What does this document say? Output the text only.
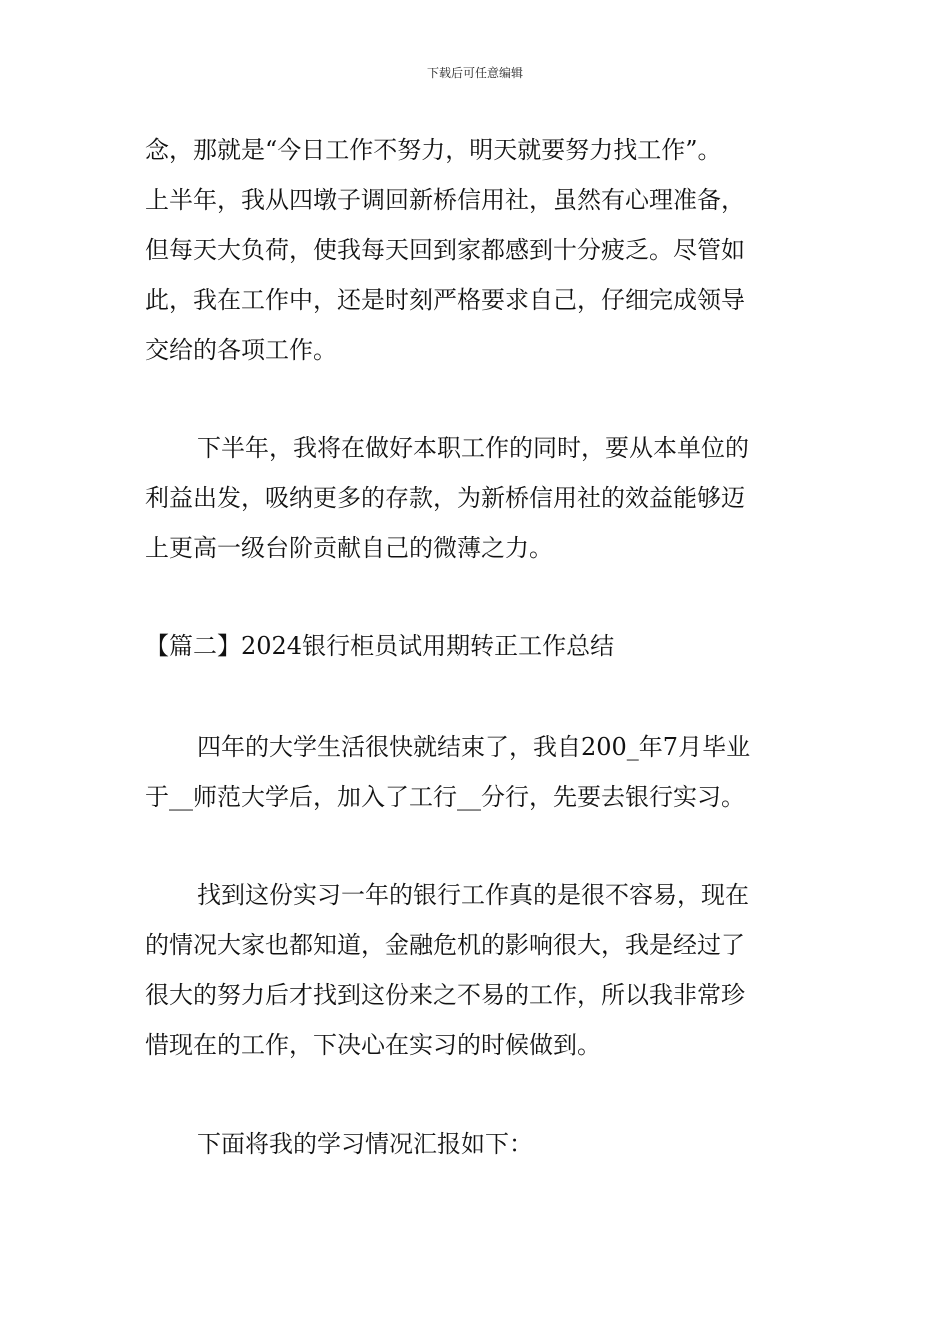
下载后可任意编辑
念，那就是“今日工作不努力，明天就要努力找工作”。
上半年，我从四墩子调回新桥信用社，虽然有心理准备，
但每天大负荷，使我每天回到家都感到十分疲乏。尽管如
此，我在工作中，还是时刻严格要求自己，仔细完成领导
交给的各项工作。
下半年，我将在做好本职工作的同时，要从本单位的
利益出发，吸纳更多的存款，为新桥信用社的效益能够迈
上更高一级台阶贡献自己的微薄之力。
【篇二】2024银行柜员试用期转正工作总结
四年的大学生活很快就结束了，我自200_年7月毕业
于__师范大学后，加入了工行__分行，先要去银行实习。
找到这份实习一年的银行工作真的是很不容易，现在
的情况大家也都知道，金融危机的影响很大，我是经过了
很大的努力后才找到这份来之不易的工作，所以我非常珍
惜现在的工作，下决心在实习的时候做到。
下面将我的学习情况汇报如下：
